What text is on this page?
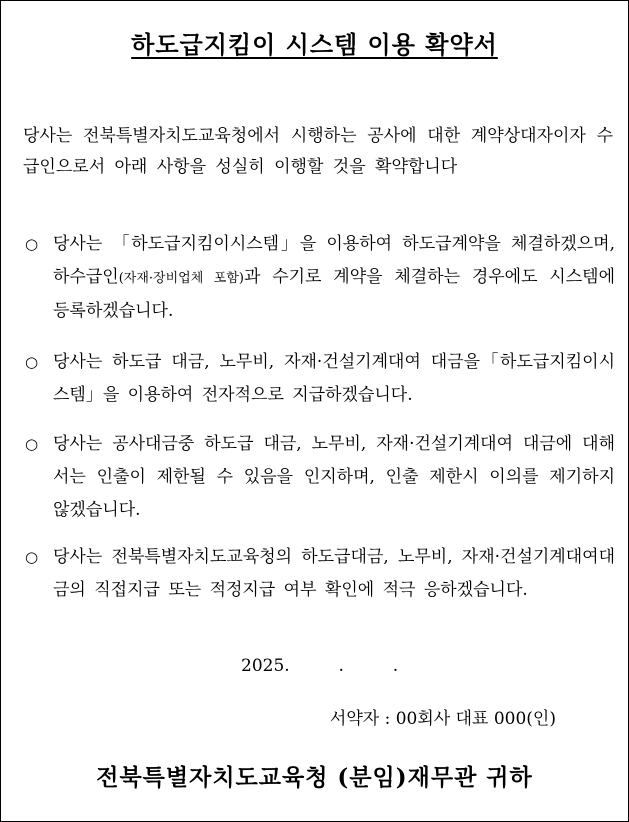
하도급지킴이 시스템 이용 확약서
당사는 전북특별자치도교육청에서 시행하는 공사에 대한 계약상대자이자 수급인으로서 아래 사항을 성실히 이행할 것을 확약합니다
○ 당사는 「하도급지킴이시스템」을 이용하여 하도급계약을 체결하겠으며, 하수급인(자재·장비업체 포함)과 수기로 계약을 체결하는 경우에도 시스템에 등록하겠습니다.
○ 당사는 하도급 대금, 노무비, 자재·건설기계대여 대금을「하도급지킴이시스템」을 이용하여 전자적으로 지급하겠습니다.
○ 당사는 공사대금중 하도급 대금, 노무비, 자재·건설기계대여 대금에 대해서는 인출이 제한될 수 있음을 인지하며, 인출 제한시 이의를 제기하지 않겠습니다.
○ 당사는 전북특별자치도교육청의 하도급대금, 노무비, 자재·건설기계대여대금의 직접지급 또는 적정지급 여부 확인에 적극 응하겠습니다.
2025.	.	.
서약자 : 00회사 대표 000(인)
전북특별자치도교육청 (분임)재무관 귀하
